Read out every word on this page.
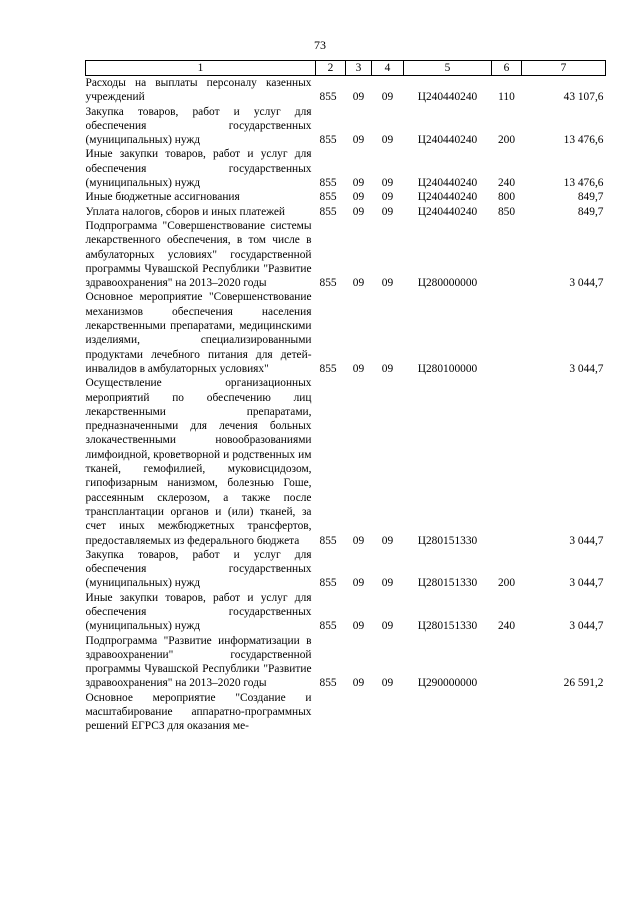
73
1	2	3	4	5	6	7
Расходы на выплаты персоналу казенных учреждений	855	09	09	Ц240440240	110	43 107,6
Закупка товаров, работ и услуг для обеспечения государственных (муниципальных) нужд	855	09	09	Ц240440240	200	13 476,6
Иные закупки товаров, работ и услуг для обеспечения государственных (муниципальных) нужд	855	09	09	Ц240440240	240	13 476,6
Иные бюджетные ассигнования	855	09	09	Ц240440240	800	849,7
Уплата налогов, сборов и иных платежей	855	09	09	Ц240440240	850	849,7
Подпрограмма "Совершенствование системы лекарственного обеспечения, в том числе в амбулаторных условиях" государственной программы Чувашской Республики "Развитие здравоохранения" на 2013–2020 годы	855	09	09	Ц280000000		3 044,7
Основное мероприятие "Совершенствование механизмов обеспечения населения лекарственными препаратами, медицинскими изделиями, специализированными продуктами лечебного питания для детей-инвалидов в амбулаторных условиях"	855	09	09	Ц280100000		3 044,7
Осуществление организационных мероприятий по обеспечению лиц лекарственными препаратами, предназначенными для лечения больных злокачественными новообразованиями лимфоидной, кроветворной и родственных им тканей, гемофилией, муковисцидозом, гипофизарным нанизмом, болезнью Гоше, рассеянным склерозом, а также после трансплантации органов и (или) тканей, за счет иных межбюджетных трансфертов, предоставляемых из федерального бюджета	855	09	09	Ц280151330		3 044,7
Закупка товаров, работ и услуг для обеспечения государственных (муниципальных) нужд	855	09	09	Ц280151330	200	3 044,7
Иные закупки товаров, работ и услуг для обеспечения государственных (муниципальных) нужд	855	09	09	Ц280151330	240	3 044,7
Подпрограмма "Развитие информатизации в здравоохранении" государственной программы Чувашской Республики "Развитие здравоохранения" на 2013–2020 годы	855	09	09	Ц290000000		26 591,2
Основное мероприятие "Создание и масштабирование аппаратно-программных решений ЕГРСЗ для оказания ме-						
